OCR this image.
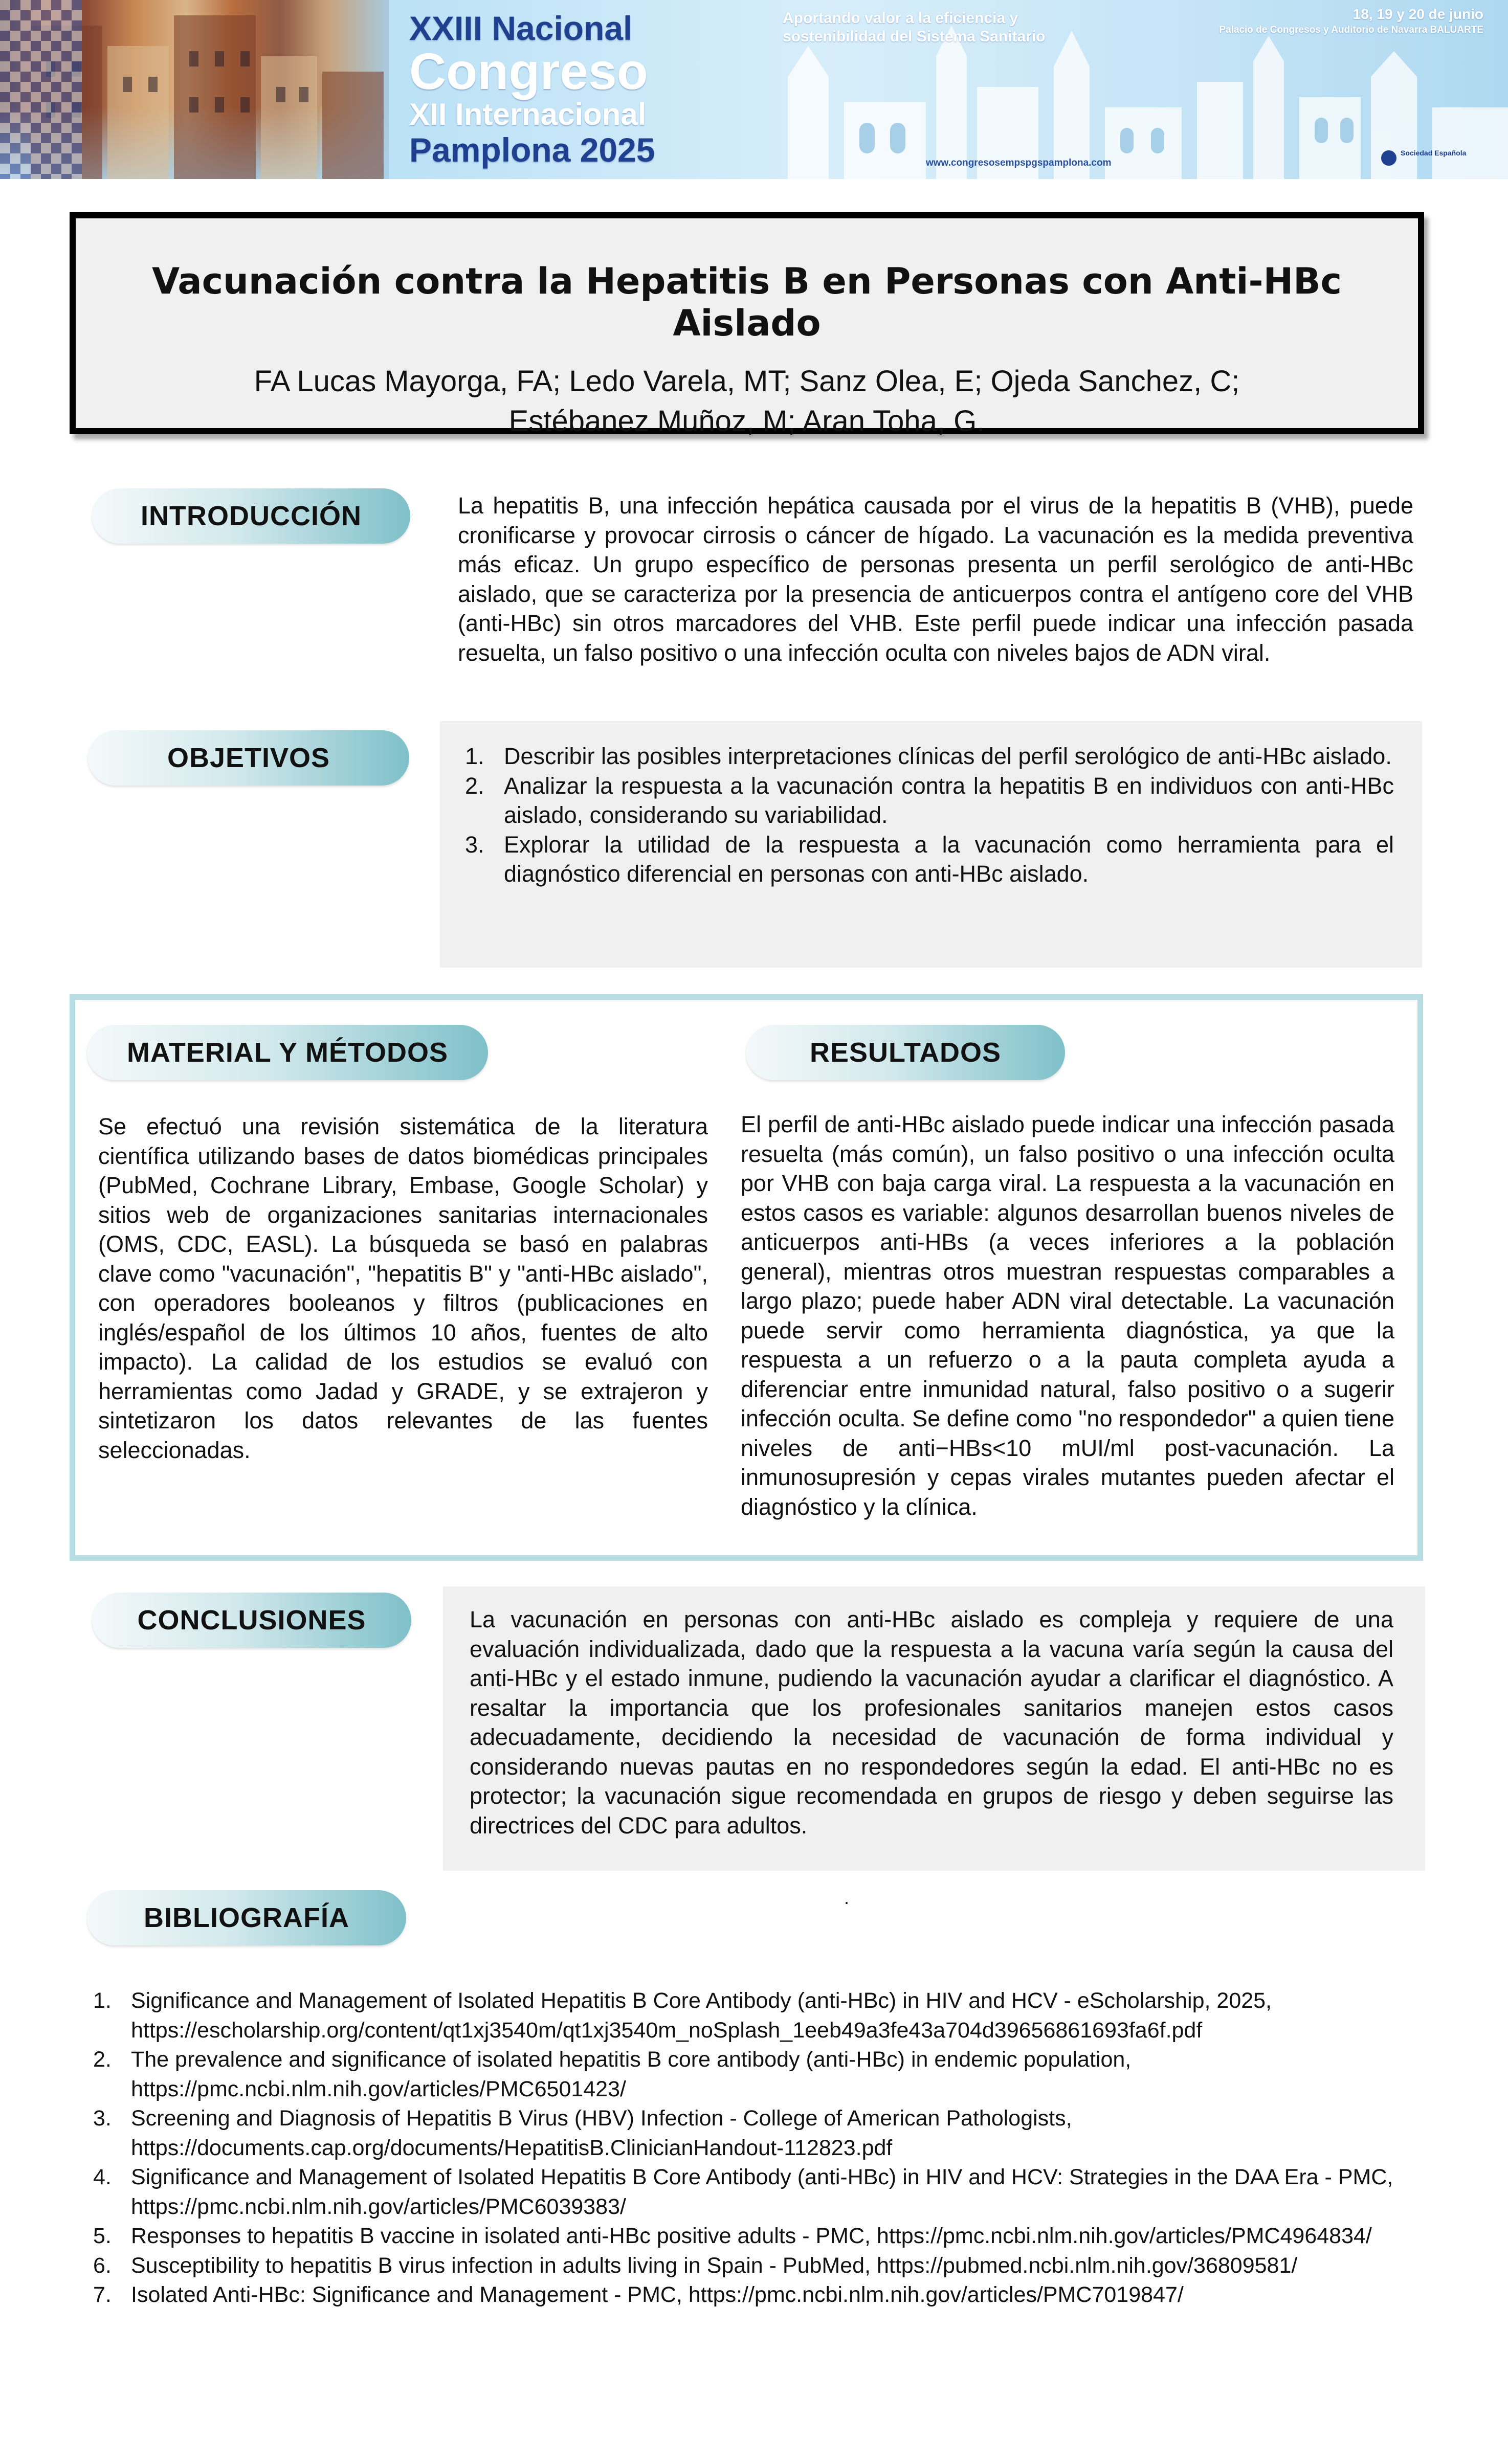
XXIII Nacional
Congreso
XII Internacional
Pamplona 2025
Aportando valor a la eficiencia y sostenibilidad del Sistema Sanitario
18, 19 y 20 de junio
Palacio de Congresos y Auditorio de Navarra BALUARTE
www.congresosempspgspamplona.com
Sociedad Española
Vacunación contra la Hepatitis B en Personas con Anti-HBc Aislado
FA Lucas Mayorga, FA; Ledo Varela, MT; Sanz Olea, E; Ojeda Sanchez, C; Estébanez Muñoz, M; Aran Toha, G.
INTRODUCCIÓN	La hepatitis B, una infección hepática causada por el virus de la hepatitis B (VHB), puede cronificarse y provocar cirrosis o cáncer de hígado. La vacunación es la medida preventiva más eficaz. Un grupo específico de personas presenta un perfil serológico de anti-HBc aislado, que se caracteriza por la presencia de anticuerpos contra el antígeno core del VHB (anti-HBc) sin otros marcadores del VHB. Este perfil puede indicar una infección pasada resuelta, un falso positivo o una infección oculta con niveles bajos de ADN viral.
OBJETIVOS	1. Describir las posibles interpretaciones clínicas del perfil serológico de anti-HBc aislado.
2. Analizar la respuesta a la vacunación contra la hepatitis B en individuos con anti-HBc aislado, considerando su variabilidad.
3. Explorar la utilidad de la respuesta a la vacunación como herramienta para el diagnóstico diferencial en personas con anti-HBc aislado.
MATERIAL Y MÉTODOS
Se efectuó una revisión sistemática de la literatura científica utilizando bases de datos biomédicas principales (PubMed, Cochrane Library, Embase, Google Scholar) y sitios web de organizaciones sanitarias internacionales (OMS, CDC, EASL). La búsqueda se basó en palabras clave como "vacunación", "hepatitis B" y "anti-HBc aislado", con operadores booleanos y filtros (publicaciones en inglés/español de los últimos 10 años, fuentes de alto impacto). La calidad de los estudios se evaluó con herramientas como Jadad y GRADE, y se extrajeron y sintetizaron los datos relevantes de las fuentes seleccionadas.
RESULTADOS
El perfil de anti-HBc aislado puede indicar una infección pasada resuelta (más común), un falso positivo o una infección oculta por VHB con baja carga viral. La respuesta a la vacunación en estos casos es variable: algunos desarrollan buenos niveles de anticuerpos anti-HBs (a veces inferiores a la población general), mientras otros muestran respuestas comparables a largo plazo; puede haber ADN viral detectable. La vacunación puede servir como herramienta diagnóstica, ya que la respuesta a un refuerzo o a la pauta completa ayuda a diferenciar entre inmunidad natural, falso positivo o a sugerir infección oculta. Se define como "no respondedor" a quien tiene niveles de anti−HBs<10 mUI/ml post-vacunación. La inmunosupresión y cepas virales mutantes pueden afectar el diagnóstico y la clínica.
CONCLUSIONES	La vacunación en personas con anti-HBc aislado es compleja y requiere de una evaluación individualizada, dado que la respuesta a la vacuna varía según la causa del anti-HBc y el estado inmune, pudiendo la vacunación ayudar a clarificar el diagnóstico. A resaltar la importancia que los profesionales sanitarios manejen estos casos adecuadamente, decidiendo la necesidad de vacunación de forma individual y considerando nuevas pautas en no respondedores según la edad. El anti-HBc no es protector; la vacunación sigue recomendada en grupos de riesgo y deben seguirse las directrices del CDC para adultos.
BIBLIOGRAFÍA
.
1. Significance and Management of Isolated Hepatitis B Core Antibody (anti-HBc) in HIV and HCV - eScholarship, 2025, https://escholarship.org/content/qt1xj3540m/qt1xj3540m_noSplash_1eeb49a3fe43a704d39656861693fa6f.pdf
2. The prevalence and significance of isolated hepatitis B core antibody (anti-HBc) in endemic population, https://pmc.ncbi.nlm.nih.gov/articles/PMC6501423/
3. Screening and Diagnosis of Hepatitis B Virus (HBV) Infection - College of American Pathologists, https://documents.cap.org/documents/HepatitisB.ClinicianHandout-112823.pdf
4. Significance and Management of Isolated Hepatitis B Core Antibody (anti-HBc) in HIV and HCV: Strategies in the DAA Era - PMC, https://pmc.ncbi.nlm.nih.gov/articles/PMC6039383/
5. Responses to hepatitis B vaccine in isolated anti-HBc positive adults - PMC, https://pmc.ncbi.nlm.nih.gov/articles/PMC4964834/
6. Susceptibility to hepatitis B virus infection in adults living in Spain - PubMed, https://pubmed.ncbi.nlm.nih.gov/36809581/
7. Isolated Anti-HBc: Significance and Management - PMC, https://pmc.ncbi.nlm.nih.gov/articles/PMC7019847/
